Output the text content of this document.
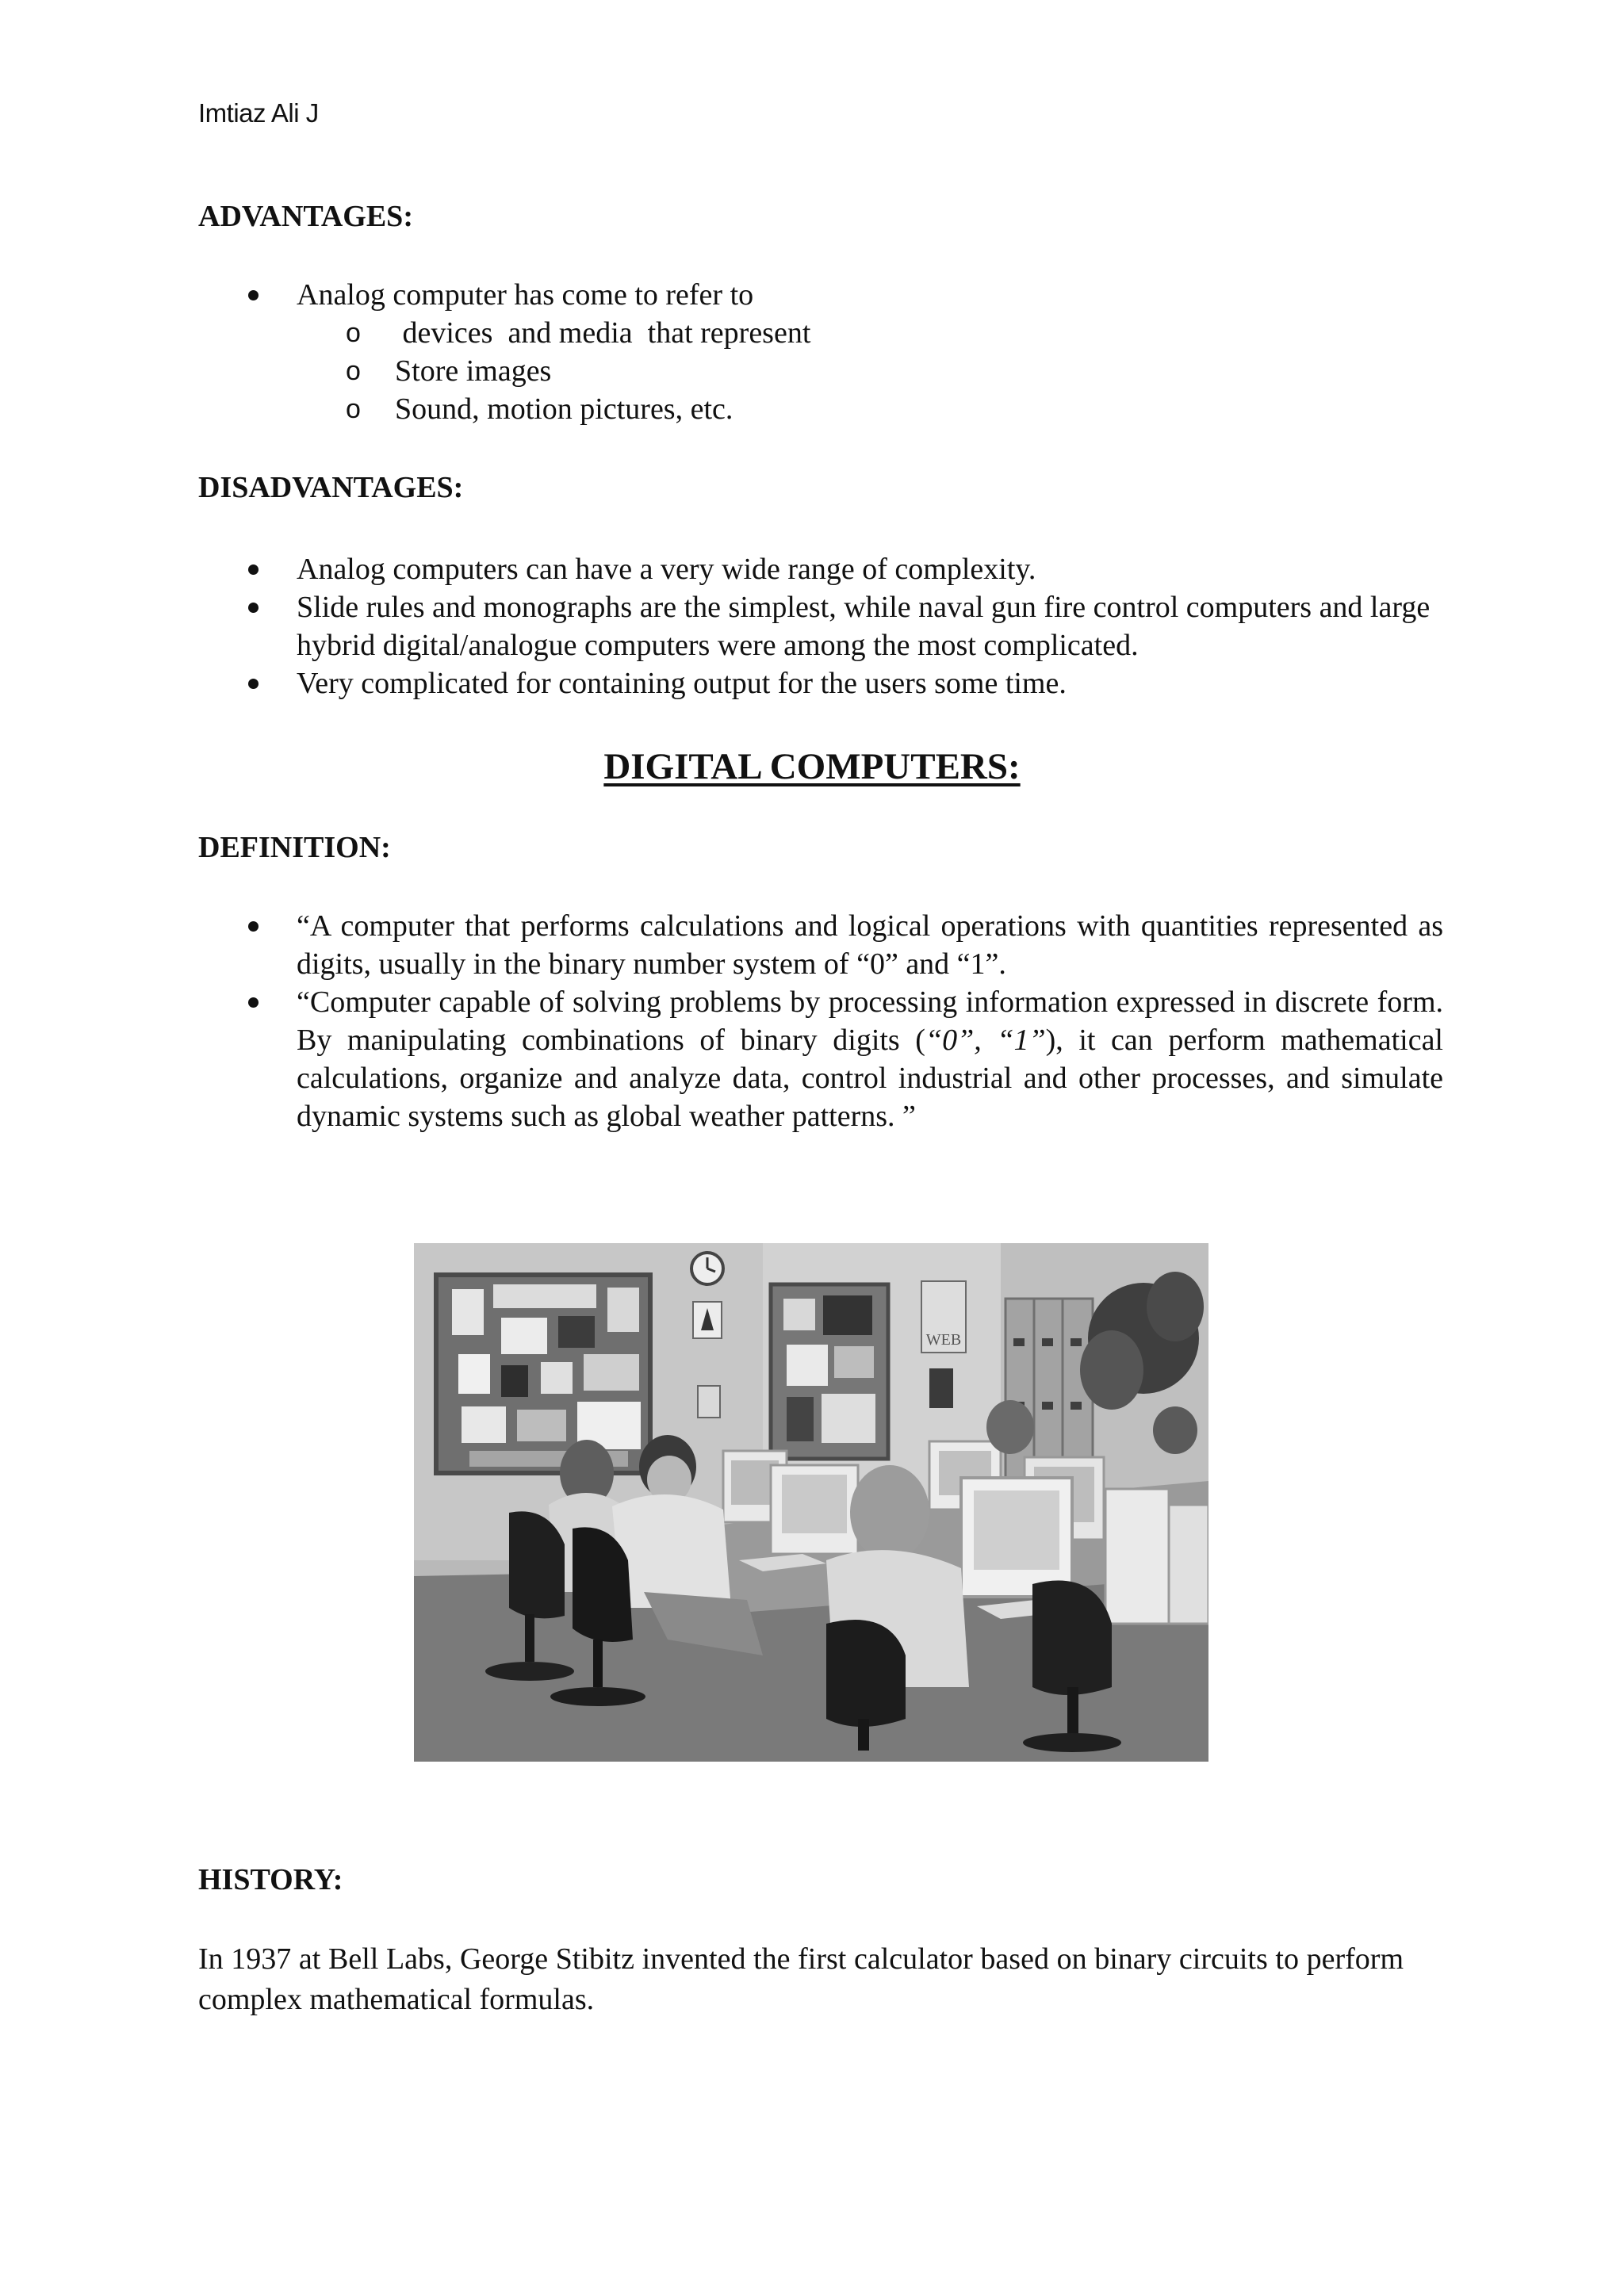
Imtiaz Ali J
ADVANTAGES:
Analog computer has come to refer to
o devices  and media  that represent
o Store images
o Sound, motion pictures, etc.
DISADVANTAGES:
Analog computers can have a very wide range of complexity.
Slide rules and monographs are the simplest, while naval gun fire control computers and large hybrid digital/analogue computers were among the most complicated.
Very complicated for containing output for the users some time.
DIGITAL COMPUTERS:
DEFINITION:
“A computer that performs calculations and logical operations with quantities represented as digits, usually in the binary number system of “0” and “1”.
“Computer capable of solving problems by processing information expressed in discrete form. By manipulating combinations of binary digits (“0”, “1”), it can perform mathematical calculations, organize and analyze data, control industrial and other processes, and simulate dynamic systems such as global weather patterns. ”
WEB
HISTORY:

In 1937 at Bell Labs, George Stibitz invented the first calculator based on binary circuits to perform complex mathematical formulas.
